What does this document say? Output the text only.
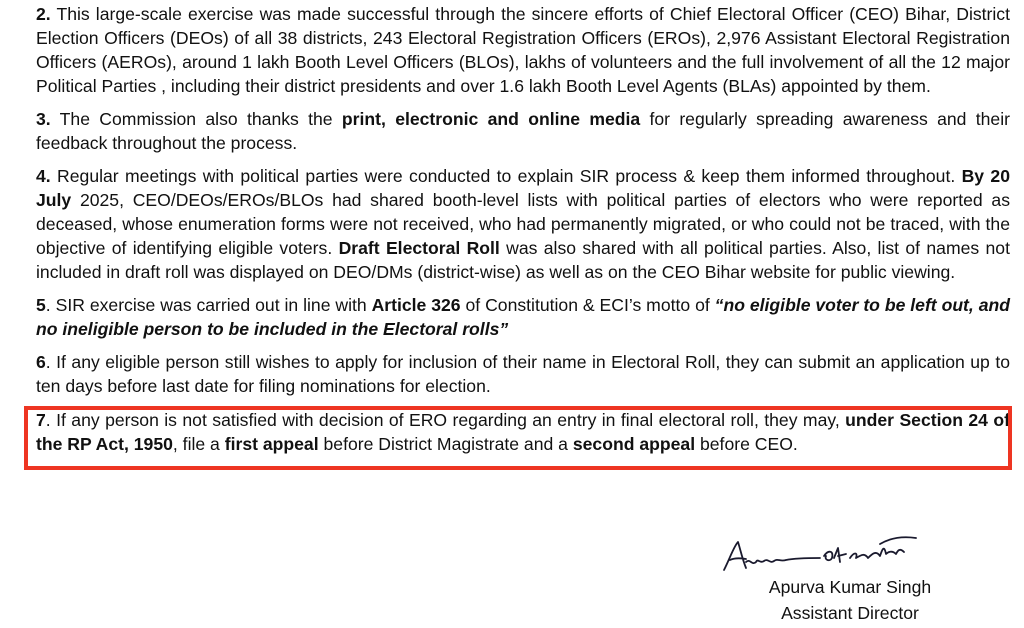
2. This large-scale exercise was made successful through the sincere efforts of Chief Electoral Officer (CEO) Bihar, District Election Officers (DEOs) of all 38 districts, 243 Electoral Registration Officers (EROs), 2,976 Assistant Electoral Registration Officers (AEROs), around 1 lakh Booth Level Officers (BLOs), lakhs of volunteers and the full involvement of all the 12 major Political Parties , including their district presidents and over 1.6 lakh Booth Level Agents (BLAs) appointed by them.

3. The Commission also thanks the print, electronic and online media for regularly spreading awareness and their feedback throughout the process.

4. Regular meetings with political parties were conducted to explain SIR process & keep them informed throughout. By 20 July 2025, CEO/DEOs/EROs/BLOs had shared booth-level lists with political parties of electors who were reported as deceased, whose enumeration forms were not received, who had permanently migrated, or who could not be traced, with the objective of identifying eligible voters. Draft Electoral Roll was also shared with all political parties. Also, list of names not included in draft roll was displayed on DEO/DMs (district-wise) as well as on the CEO Bihar website for public viewing.

5. SIR exercise was carried out in line with Article 326 of Constitution & ECI’s motto of “no eligible voter to be left out, and no ineligible person to be included in the Electoral rolls”

6. If any eligible person still wishes to apply for inclusion of their name in Electoral Roll, they can submit an application up to ten days before last date for filing nominations for election.

7. If any person is not satisfied with decision of ERO regarding an entry in final electoral roll, they may, under Section 24 of the RP Act, 1950, file a first appeal before District Magistrate and a second appeal before CEO.

Apurva Kumar Singh
Assistant Director
